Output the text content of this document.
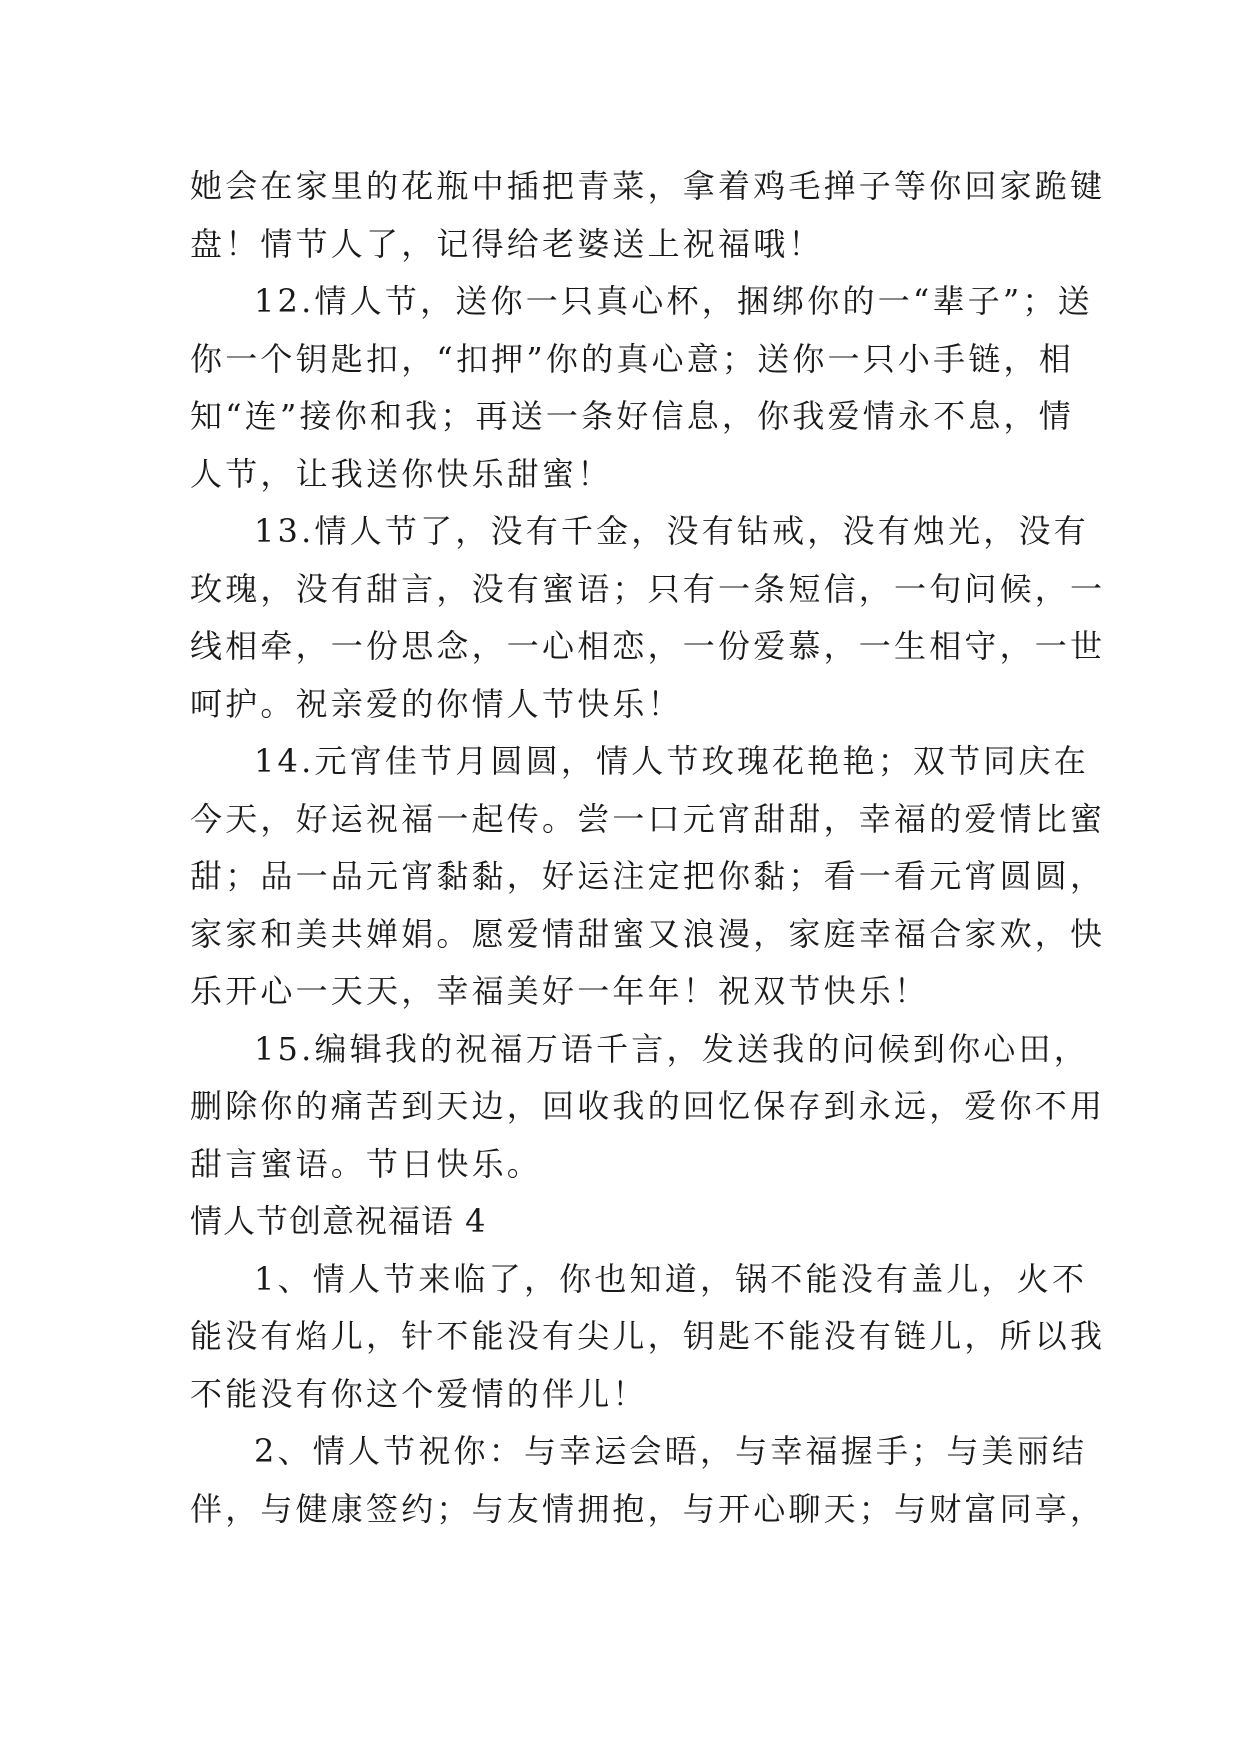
她会在家里的花瓶中插把青菜，拿着鸡毛掸子等你回家跪键
盘！情节人了，记得给老婆送上祝福哦！
12.情人节，送你一只真心杯，捆绑你的一“辈子”；送
你一个钥匙扣，“扣押”你的真心意；送你一只小手链，相
知“连”接你和我；再送一条好信息，你我爱情永不息，情
人节，让我送你快乐甜蜜！
13.情人节了，没有千金，没有钻戒，没有烛光，没有
玫瑰，没有甜言，没有蜜语；只有一条短信，一句问候，一
线相牵，一份思念，一心相恋，一份爱慕，一生相守，一世
呵护。祝亲爱的你情人节快乐！
14.元宵佳节月圆圆，情人节玫瑰花艳艳；双节同庆在
今天，好运祝福一起传。尝一口元宵甜甜，幸福的爱情比蜜
甜；品一品元宵黏黏，好运注定把你黏；看一看元宵圆圆，
家家和美共婵娟。愿爱情甜蜜又浪漫，家庭幸福合家欢，快
乐开心一天天，幸福美好一年年！祝双节快乐！
15.编辑我的祝福万语千言，发送我的问候到你心田，
删除你的痛苦到天边，回收我的回忆保存到永远，爱你不用
甜言蜜语。节日快乐。
情人节创意祝福语 4
1、情人节来临了，你也知道，锅不能没有盖儿，火不
能没有焰儿，针不能没有尖儿，钥匙不能没有链儿，所以我
不能没有你这个爱情的伴儿！
2、情人节祝你：与幸运会晤，与幸福握手；与美丽结
伴，与健康签约；与友情拥抱，与开心聊天；与财富同享，
